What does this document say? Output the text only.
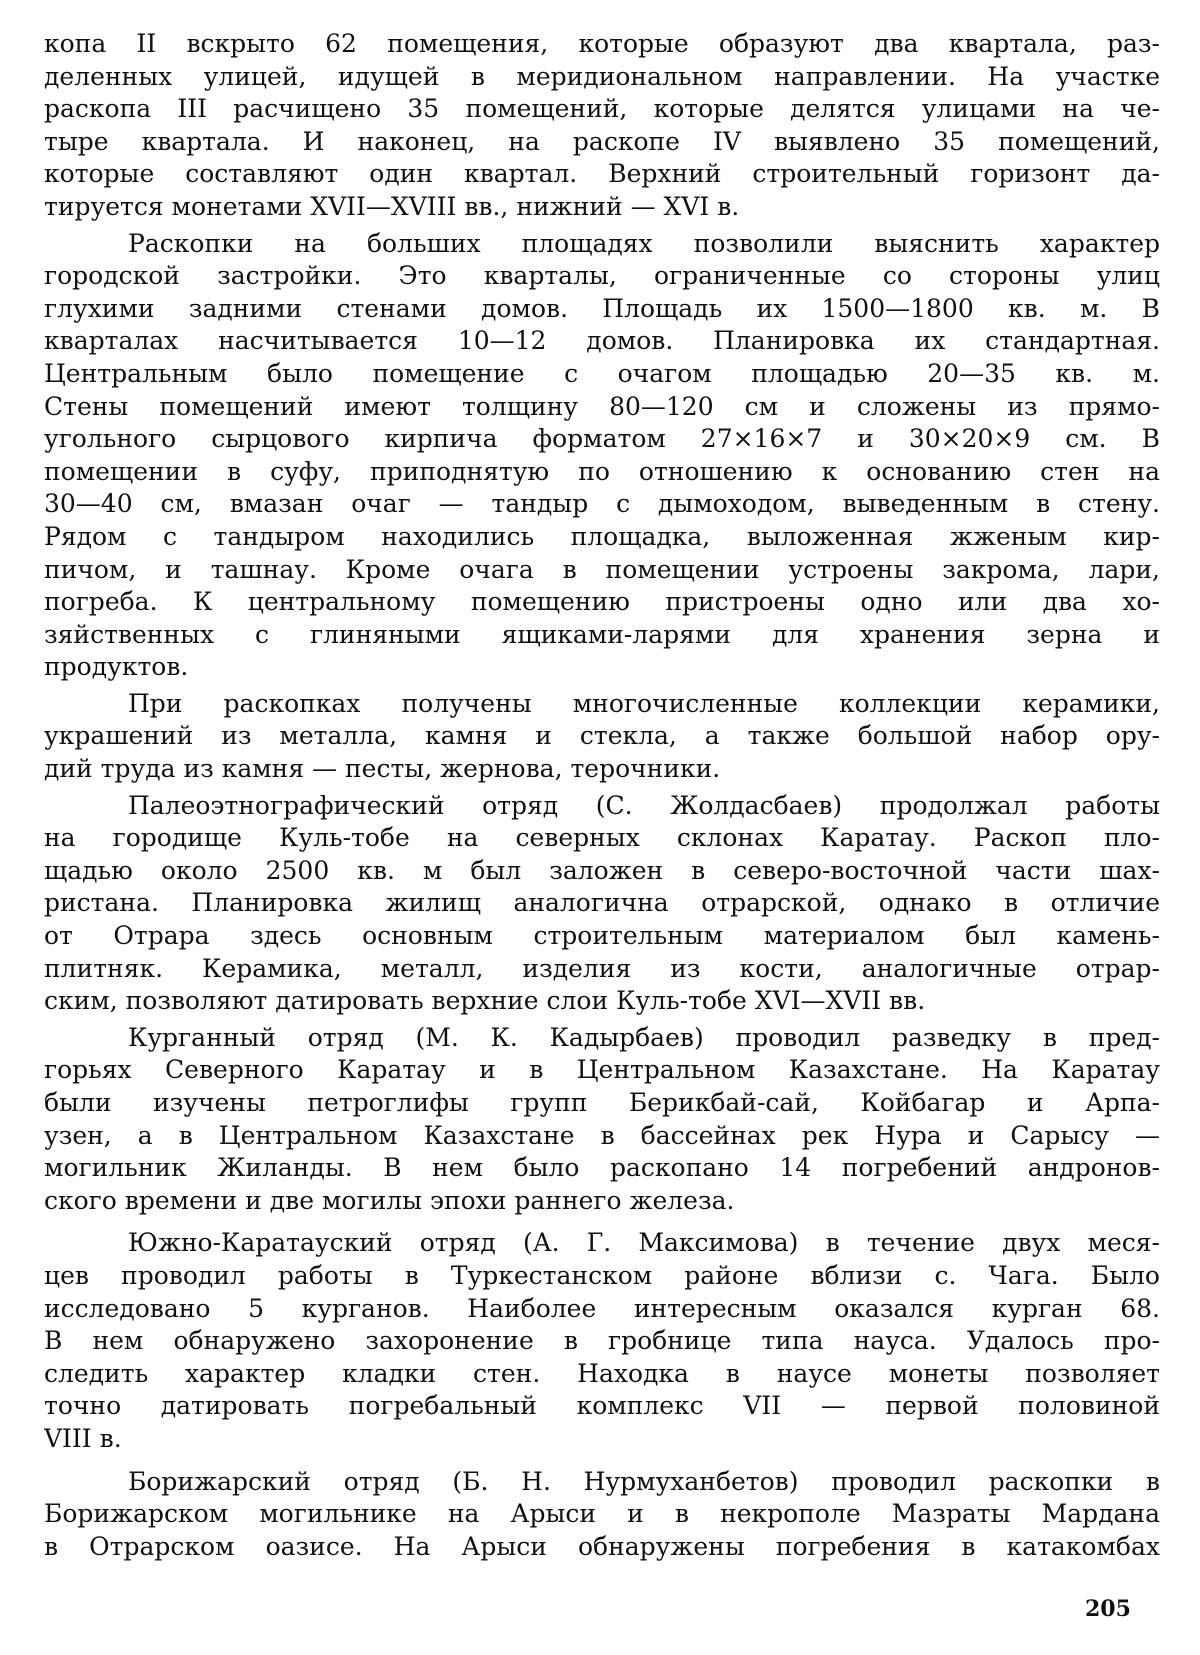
копа II вскрыто 62 помещения, которые образуют два квартала, раз-
деленных улицей, идущей в меридиональном направлении. На участке
раскопа III расчищено 35 помещений, которые делятся улицами на че-
тыре квартала. И наконец, на раскопе IV выявлено 35 помещений,
которые составляют один квартал. Верхний строительный горизонт да-
тируется монетами XVII—XVIII вв., нижний — XVI в.
Раскопки на больших площадях позволили выяснить характер
городской застройки. Это кварталы, ограниченные со стороны улиц
глухими задними стенами домов. Площадь их 1500—1800 кв. м. В
кварталах насчитывается 10—12 домов. Планировка их стандартная.
Центральным было помещение с очагом площадью 20—35 кв. м.
Стены помещений имеют толщину 80—120 см и сложены из прямо-
угольного сырцового кирпича форматом 27×16×7 и 30×20×9 см. В
помещении в суфу, приподнятую по отношению к основанию стен на
30—40 см, вмазан очаг — тандыр с дымоходом, выведенным в стену.
Рядом с тандыром находились площадка, выложенная жженым кир-
пичом, и ташнау. Кроме очага в помещении устроены закрома, лари,
погреба. К центральному помещению пристроены одно или два хо-
зяйственных с глиняными ящиками-ларями для хранения зерна и
продуктов.
При раскопках получены многочисленные коллекции керамики,
украшений из металла, камня и стекла, а также большой набор ору-
дий труда из камня — песты, жернова, терочники.
Палеоэтнографический отряд (С. Жолдасбаев) продолжал работы
на городище Куль-тобе на северных склонах Каратау. Раскоп пло-
щадью около 2500 кв. м был заложен в северо-восточной части шах-
ристана. Планировка жилищ аналогична отрарской, однако в отличие
от Отрара здесь основным строительным материалом был камень-
плитняк. Керамика, металл, изделия из кости, аналогичные отрар-
ским, позволяют датировать верхние слои Куль-тобе XVI—XVII вв.
Курганный отряд (М. К. Кадырбаев) проводил разведку в пред-
горьях Северного Каратау и в Центральном Казахстане. На Каратау
были изучены петроглифы групп Берикбай-сай, Койбагар и Арпа-
узен, а в Центральном Казахстане в бассейнах рек Нура и Сарысу —
могильник Жиланды. В нем было раскопано 14 погребений андронов-
ского времени и две могилы эпохи раннего железа.
Южно-Каратауский отряд (А. Г. Максимова) в течение двух меся-
цев проводил работы в Туркестанском районе вблизи с. Чага. Было
исследовано 5 курганов. Наиболее интересным оказался курган 68.
В нем обнаружено захоронение в гробнице типа науса. Удалось про-
следить характер кладки стен. Находка в наусе монеты позволяет
точно датировать погребальный комплекс VII — первой половиной
VIII в.
Борижарский отряд (Б. Н. Нурмуханбетов) проводил раскопки в
Борижарском могильнике на Арыси и в некрополе Мазраты Мардана
в Отрарском оазисе. На Арыси обнаружены погребения в катакомбах
205
